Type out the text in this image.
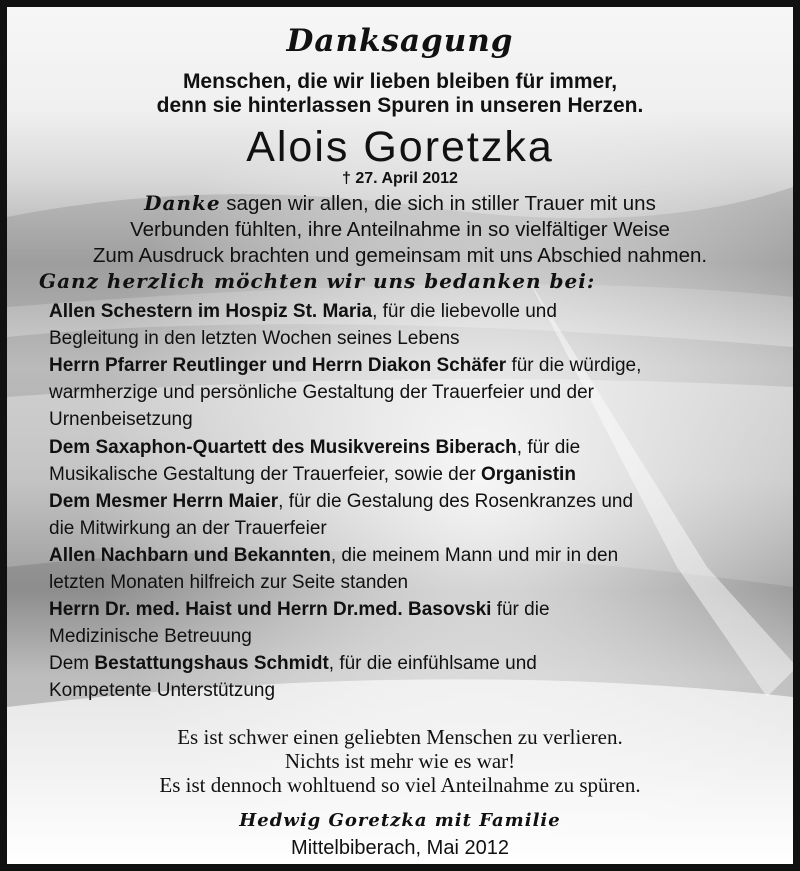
Danksagung
Menschen, die wir lieben bleiben für immer,
denn sie hinterlassen Spuren in unseren Herzen.
Alois Goretzka
† 27. April 2012
Danke sagen wir allen, die sich in stiller Trauer mit uns
Verbunden fühlten, ihre Anteilnahme in so vielfältiger Weise
Zum Ausdruck brachten und gemeinsam mit uns Abschied nahmen.
Ganz herzlich möchten wir uns bedanken bei:
Allen Schestern im Hospiz St. Maria, für die liebevolle und
Begleitung in den letzten Wochen seines Lebens
Herrn Pfarrer Reutlinger und Herrn Diakon Schäfer für die würdige,
warmherzige und persönliche Gestaltung der Trauerfeier und der
Urnenbeisetzung
Dem Saxaphon-Quartett des Musikvereins Biberach, für die
Musikalische Gestaltung der Trauerfeier, sowie der Organistin
Dem Mesmer Herrn Maier, für die Gestalung des Rosenkranzes und
die Mitwirkung an der Trauerfeier
Allen Nachbarn und Bekannten, die meinem Mann und mir in den
letzten Monaten hilfreich zur Seite standen
Herrn Dr. med. Haist und Herrn Dr.med. Basovski für die
Medizinische Betreuung
Dem Bestattungshaus Schmidt, für die einfühlsame und
Kompetente Unterstützung
Es ist schwer einen geliebten Menschen zu verlieren.
Nichts ist mehr wie es war!
Es ist dennoch wohltuend so viel Anteilnahme zu spüren.
Hedwig Goretzka mit Familie
Mittelbiberach, Mai 2012
